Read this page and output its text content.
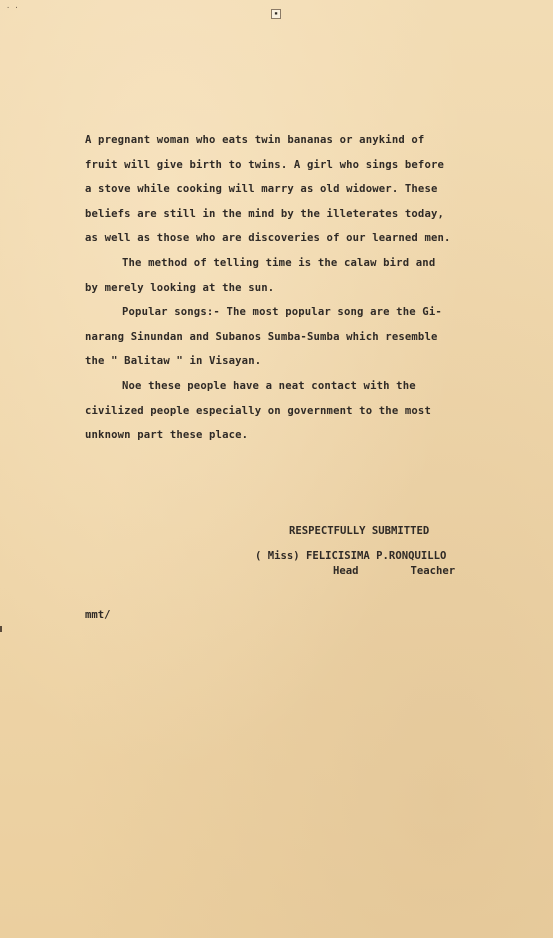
· ·
▪

A pregnant woman who eats twin bananas or anykind of
fruit will give birth to twins. A girl who sings before
a stove while cooking will marry as old widower. These
beliefs are still in the mind by the illeterates today,
as well as those who are discoveries of our learned men.

The method of telling time is the calaw bird and
by merely looking at the sun.

Popular songs:- The most popular song are the Gi-
narang Sinundan and Subanos Sumba-Sumba which resemble
the " Balitaw " in Visayan.

Noe these people have a neat contact with the
civilized people especially on government to the most
unknown part these place.

RESPECTFULLY SUBMITTED
( Miss) FELICISIMA P.RONQUILLO
Head	Teacher
mmt/
